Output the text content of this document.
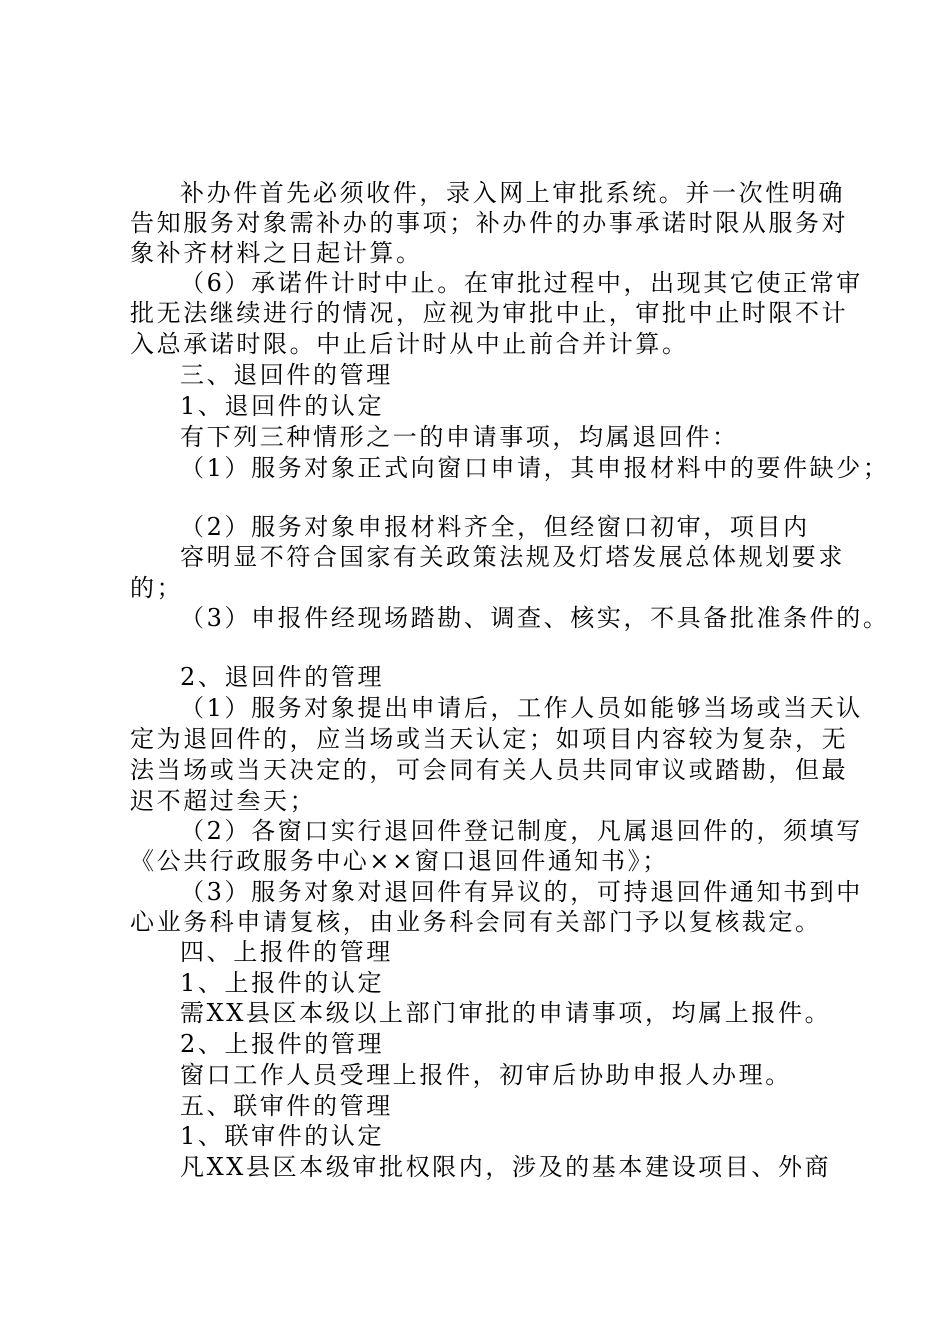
补办件首先必须收件，录入网上审批系统。并一次性明确
告知服务对象需补办的事项；补办件的办事承诺时限从服务对
象补齐材料之日起计算。
（6）承诺件计时中止。在审批过程中，出现其它使正常审
批无法继续进行的情况，应视为审批中止，审批中止时限不计
入总承诺时限。中止后计时从中止前合并计算。
三、退回件的管理
1、退回件的认定
有下列三种情形之一的申请事项，均属退回件：
（1）服务对象正式向窗口申请，其申报材料中的要件缺少；
（2）服务对象申报材料齐全，但经窗口初审，项目内
容明显不符合国家有关政策法规及灯塔发展总体规划要求
的；
（3）申报件经现场踏勘、调查、核实，不具备批准条件的。
2、退回件的管理
（1）服务对象提出申请后，工作人员如能够当场或当天认
定为退回件的，应当场或当天认定；如项目内容较为复杂，无
法当场或当天决定的，可会同有关人员共同审议或踏勘，但最
迟不超过叁天；
（2）各窗口实行退回件登记制度，凡属退回件的，须填写
《公共行政服务中心××窗口退回件通知书》；
（3）服务对象对退回件有异议的，可持退回件通知书到中
心业务科申请复核，由业务科会同有关部门予以复核裁定。
四、上报件的管理
1、上报件的认定
需XX县区本级以上部门审批的申请事项，均属上报件。
2、上报件的管理
窗口工作人员受理上报件，初审后协助申报人办理。
五、联审件的管理
1、联审件的认定
凡XX县区本级审批权限内，涉及的基本建设项目、外商
